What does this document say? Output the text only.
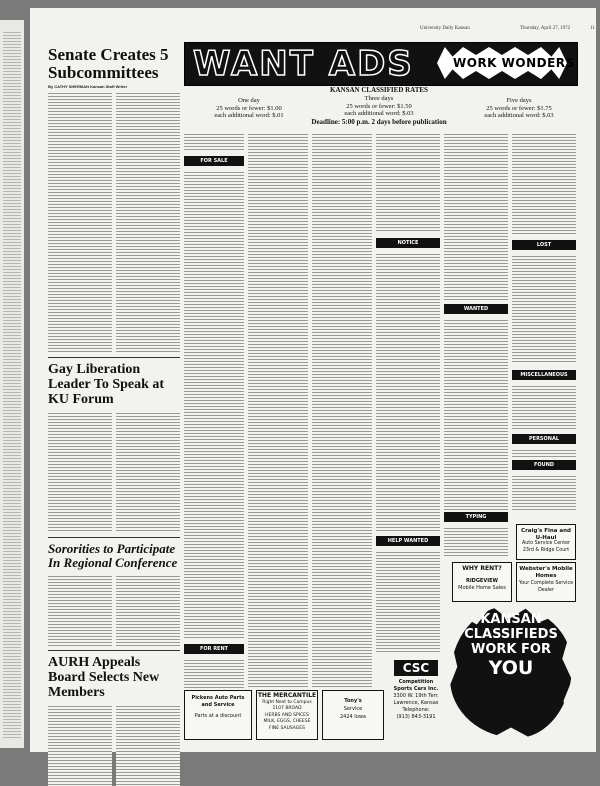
University Daily Kansan	Thursday, April 27, 1972	11
Senate Creates 5 Subcommittees
By CATHY SHERMAN Kansan Staff Writer
Gay Liberation Leader To Speak at KU Forum
Sororities to Participate In Regional Conference
AURH Appeals Board Selects New Members
WANT ADS	WORK WONDERS
KANSAN CLASSIFIED RATES
One day
25 words or fewer: $1.00
each additional word: $.01
Three days
25 words or fewer: $1.50
each additional word: $.03
Five days
25 words or fewer: $1.75
each additional word: $.03
Deadline: 5:00 p.m. 2 days before publication
FOR SALE
FOR RENT
NOTICE
HELP WANTED
WANTED
TYPING
LOST
MISCELLANEOUS
PERSONAL
FOUND
Pickens Auto Parts
and Service
Parts at a discount
THE MERCANTILE
Right Next to Campus
1107 BROAD
HERBS AND SPICES
MILK, EGGS, CHEESE
FINE SAUSAGES
Tony's
Service
2424 Iowa
CSC
Competition
Sports Cars Inc.
3300 W. 19th Terr.
Lawrence, Kansas
Telephone:
(913) 843-3191
Craig's Fina and U-Haul
Auto Service Center
23rd & Ridge Court
WHY RENT?
RIDGEVIEW
Mobile Home Sales
Webster's Mobile Homes
Your Complete Service Dealer
KANSAN
CLASSIFIEDS
WORK FOR
YOU
